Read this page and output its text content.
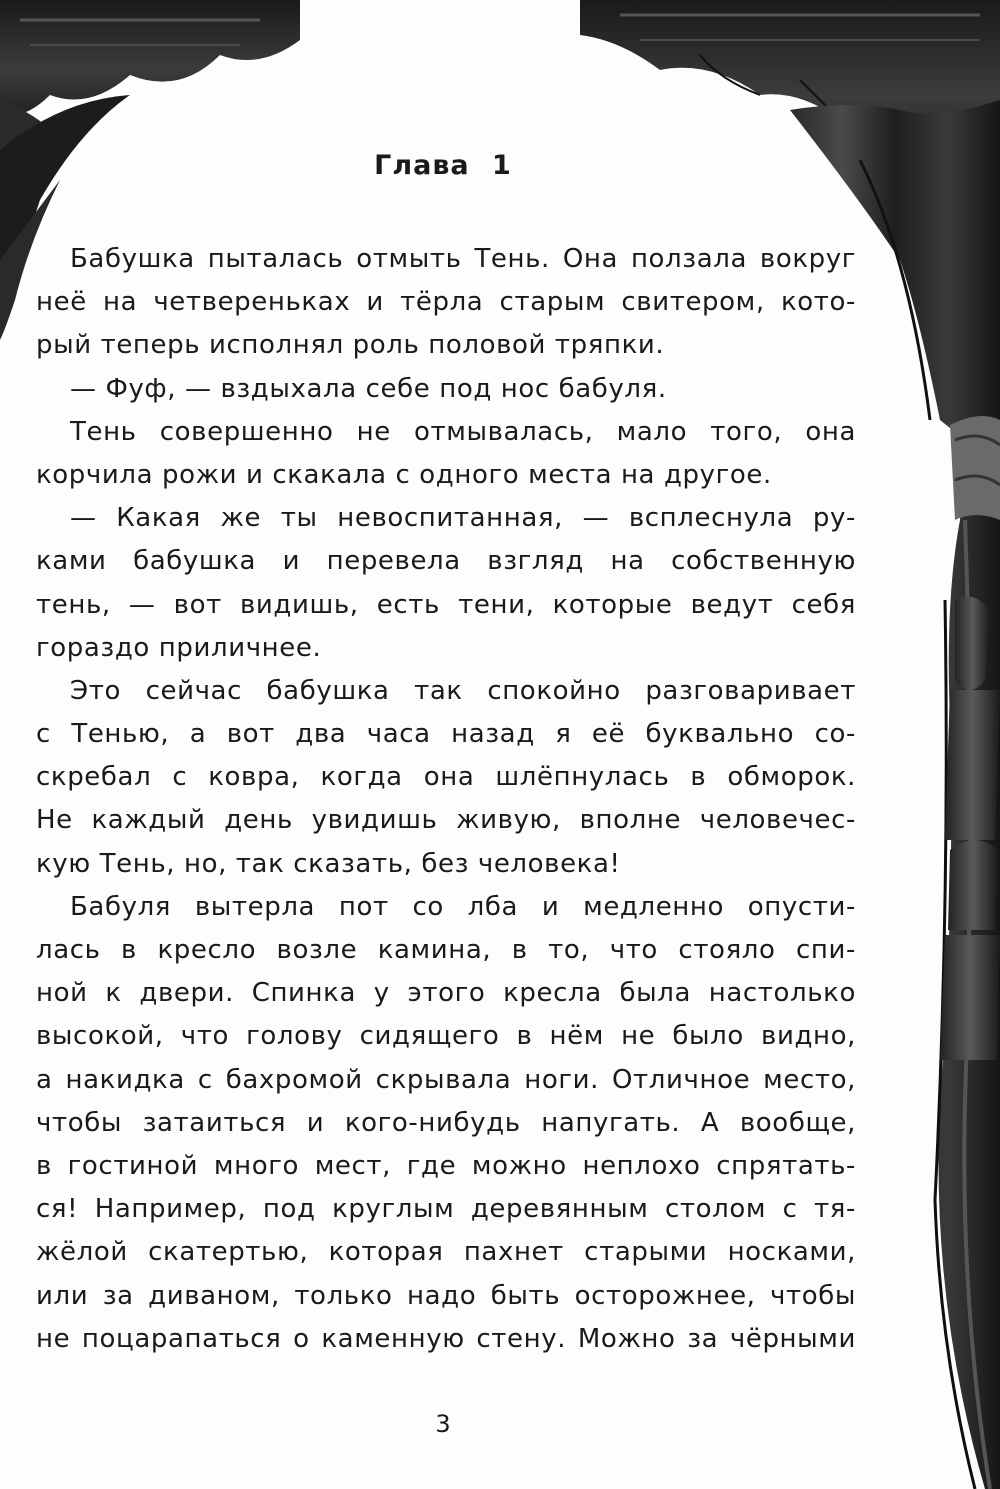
Глава 1
Бабушка пыталась отмыть Тень. Она ползала вокруг
неё на четвереньках и тёрла старым свитером, кото-
рый теперь исполнял роль половой тряпки.
— Фуф, — вздыхала себе под нос бабуля.
Тень совершенно не отмывалась, мало того, она
корчила рожи и скакала с одного места на другое.
— Какая же ты невоспитанная, — всплеснула ру-
ками бабушка и перевела взгляд на собственную
тень, — вот видишь, есть тени, которые ведут себя
гораздо приличнее.
Это сейчас бабушка так спокойно разговаривает
с Тенью, а вот два часа назад я её буквально со-
скребал с ковра, когда она шлёпнулась в обморок.
Не каждый день увидишь живую, вполне человечес-
кую Тень, но, так сказать, без человека!
Бабуля вытерла пот со лба и медленно опусти-
лась в кресло возле камина, в то, что стояло спи-
ной к двери. Спинка у этого кресла была настолько
высокой, что голову сидящего в нём не было видно,
а накидка с бахромой скрывала ноги. Отличное место,
чтобы затаиться и кого-нибудь напугать. А вообще,
в гостиной много мест, где можно неплохо спрятать-
ся! Например, под круглым деревянным столом с тя-
жёлой скатертью, которая пахнет старыми носками,
или за диваном, только надо быть осторожнее, чтобы
не поцарапаться о каменную стену. Можно за чёрными
3
